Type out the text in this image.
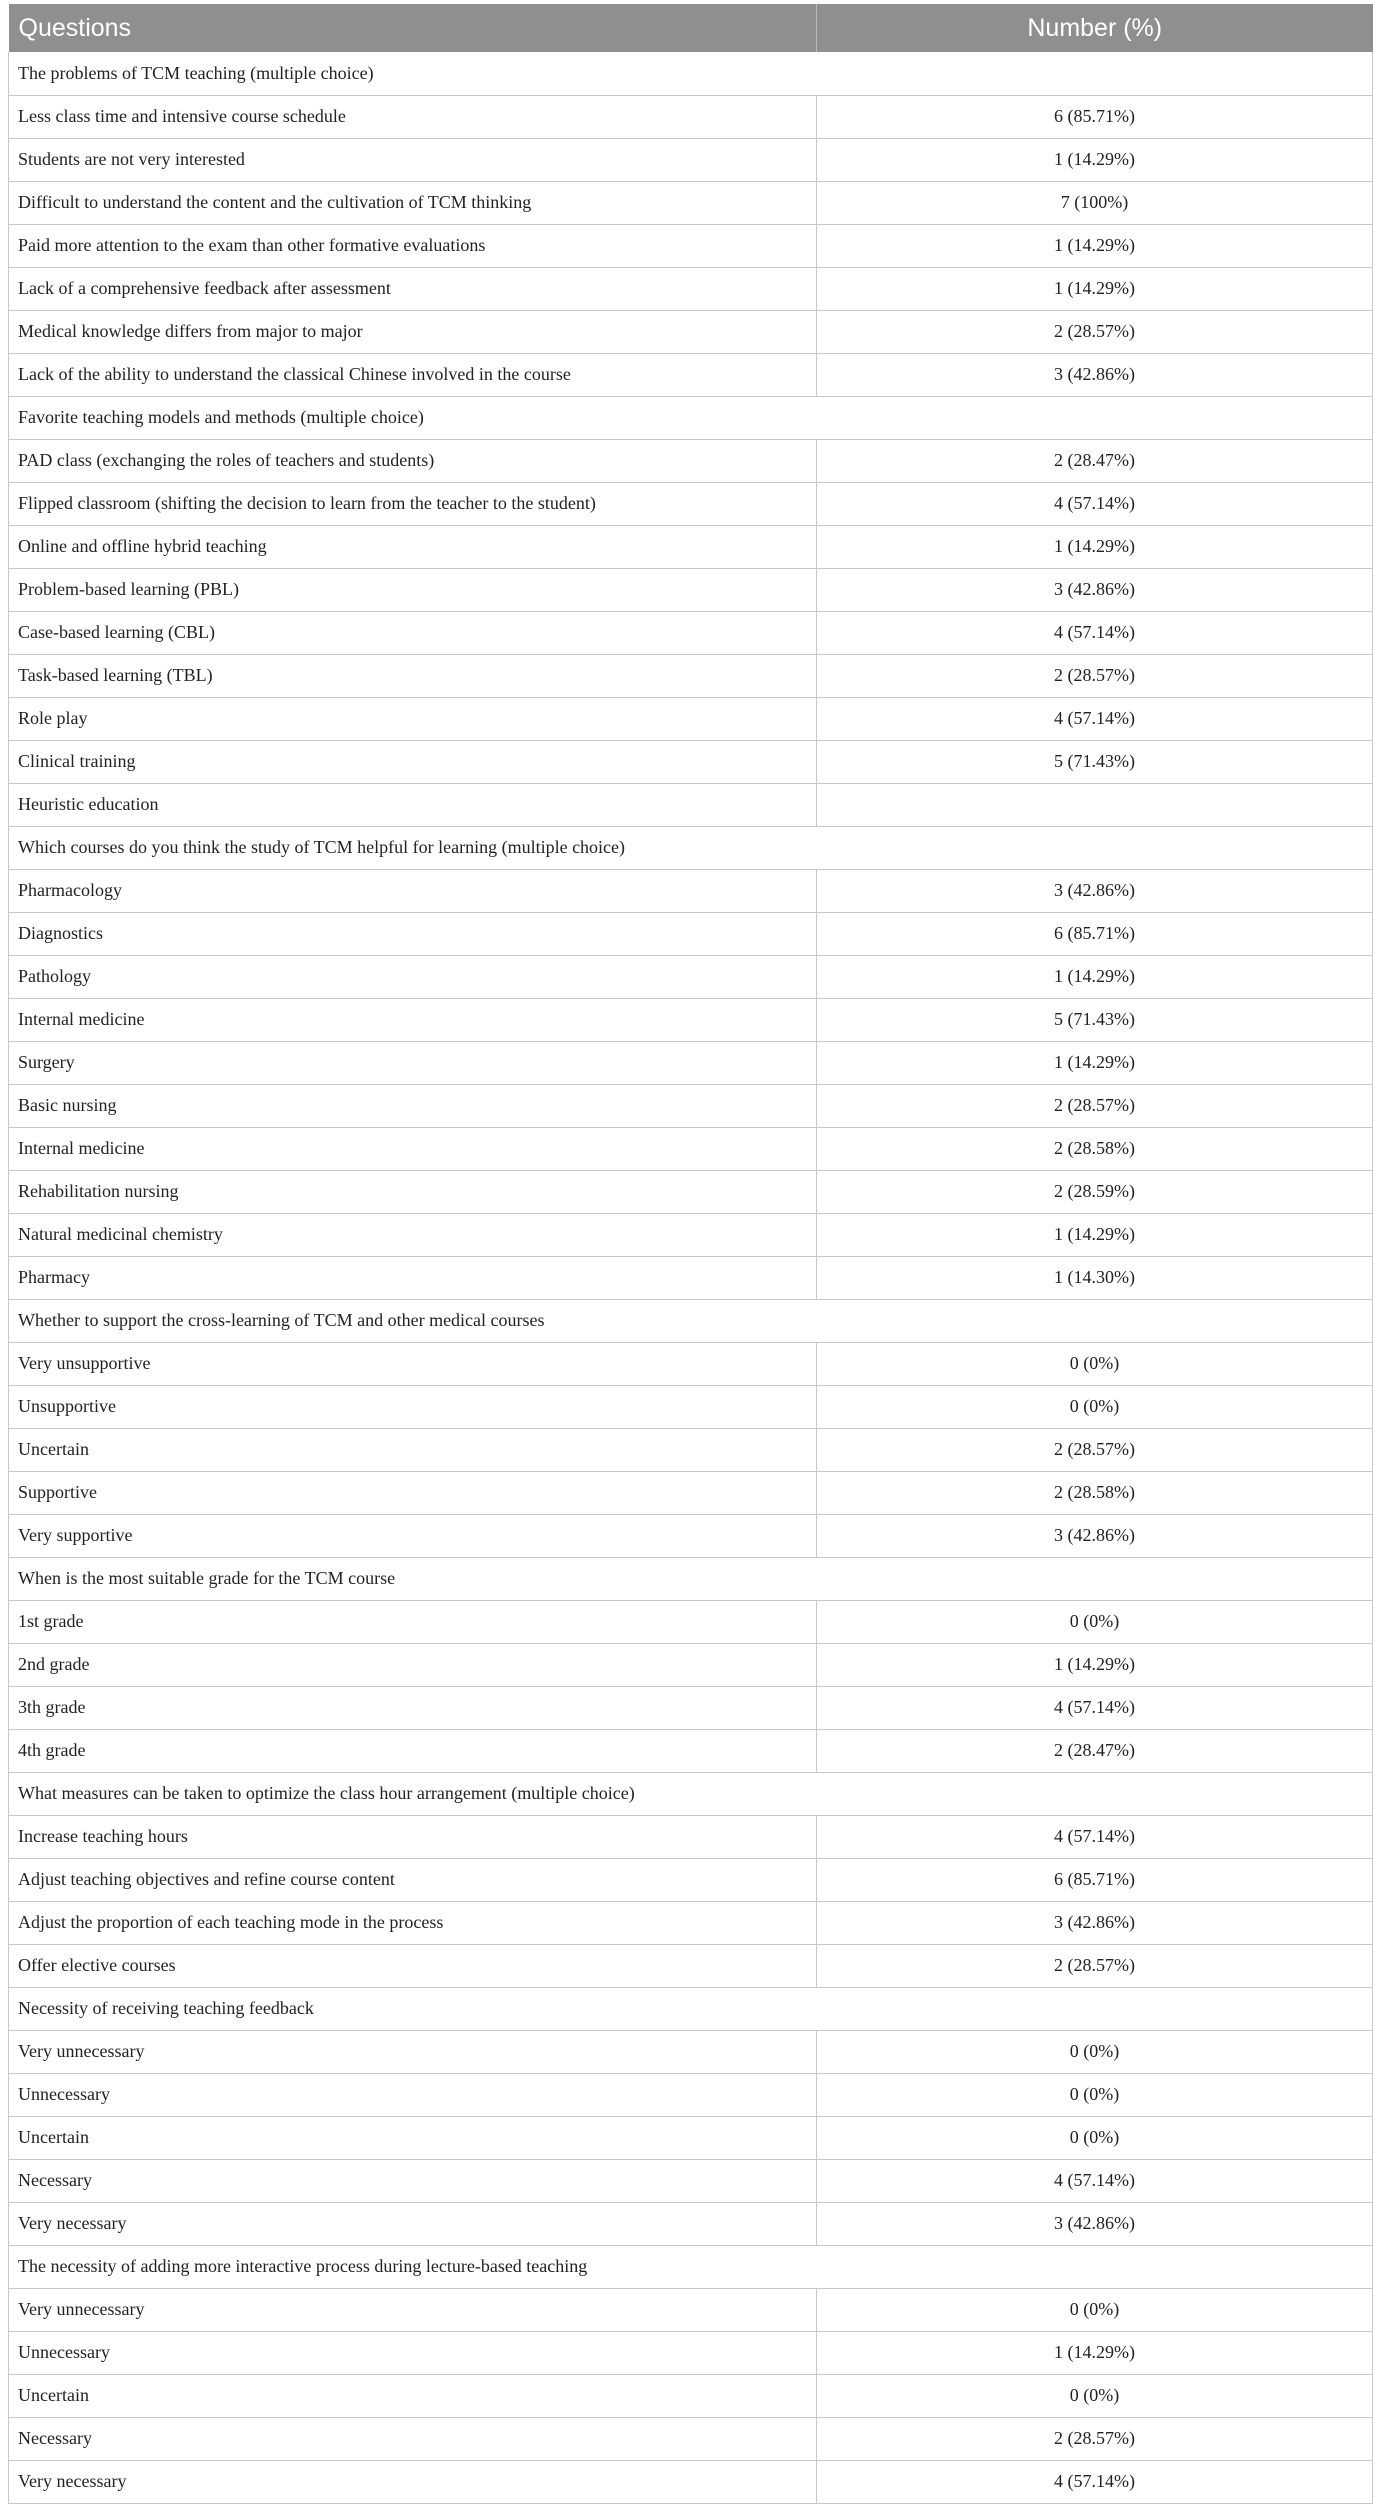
Questions	Number (%)
The problems of TCM teaching (multiple choice)	
Less class time and intensive course schedule	6 (85.71%)
Students are not very interested	1 (14.29%)
Difficult to understand the content and the cultivation of TCM thinking	7 (100%)
Paid more attention to the exam than other formative evaluations	1 (14.29%)
Lack of a comprehensive feedback after assessment	1 (14.29%)
Medical knowledge differs from major to major	2 (28.57%)
Lack of the ability to understand the classical Chinese involved in the course	3 (42.86%)
Favorite teaching models and methods (multiple choice)	
PAD class (exchanging the roles of teachers and students)	2 (28.47%)
Flipped classroom (shifting the decision to learn from the teacher to the student)	4 (57.14%)
Online and offline hybrid teaching	1 (14.29%)
Problem-based learning (PBL)	3 (42.86%)
Case-based learning (CBL)	4 (57.14%)
Task-based learning (TBL)	2 (28.57%)
Role play	4 (57.14%)
Clinical training	5 (71.43%)
Heuristic education	
Which courses do you think the study of TCM helpful for learning (multiple choice)	
Pharmacology	3 (42.86%)
Diagnostics	6 (85.71%)
Pathology	1 (14.29%)
Internal medicine	5 (71.43%)
Surgery	1 (14.29%)
Basic nursing	2 (28.57%)
Internal medicine	2 (28.58%)
Rehabilitation nursing	2 (28.59%)
Natural medicinal chemistry	1 (14.29%)
Pharmacy	1 (14.30%)
Whether to support the cross-learning of TCM and other medical courses	
Very unsupportive	0 (0%)
Unsupportive	0 (0%)
Uncertain	2 (28.57%)
Supportive	2 (28.58%)
Very supportive	3 (42.86%)
When is the most suitable grade for the TCM course	
1st grade	0 (0%)
2nd grade	1 (14.29%)
3th grade	4 (57.14%)
4th grade	2 (28.47%)
What measures can be taken to optimize the class hour arrangement (multiple choice)	
Increase teaching hours	4 (57.14%)
Adjust teaching objectives and refine course content	6 (85.71%)
Adjust the proportion of each teaching mode in the process	3 (42.86%)
Offer elective courses	2 (28.57%)
Necessity of receiving teaching feedback	
Very unnecessary	0 (0%)
Unnecessary	0 (0%)
Uncertain	0 (0%)
Necessary	4 (57.14%)
Very necessary	3 (42.86%)
The necessity of adding more interactive process during lecture-based teaching	
Very unnecessary	0 (0%)
Unnecessary	1 (14.29%)
Uncertain	0 (0%)
Necessary	2 (28.57%)
Very necessary	4 (57.14%)
